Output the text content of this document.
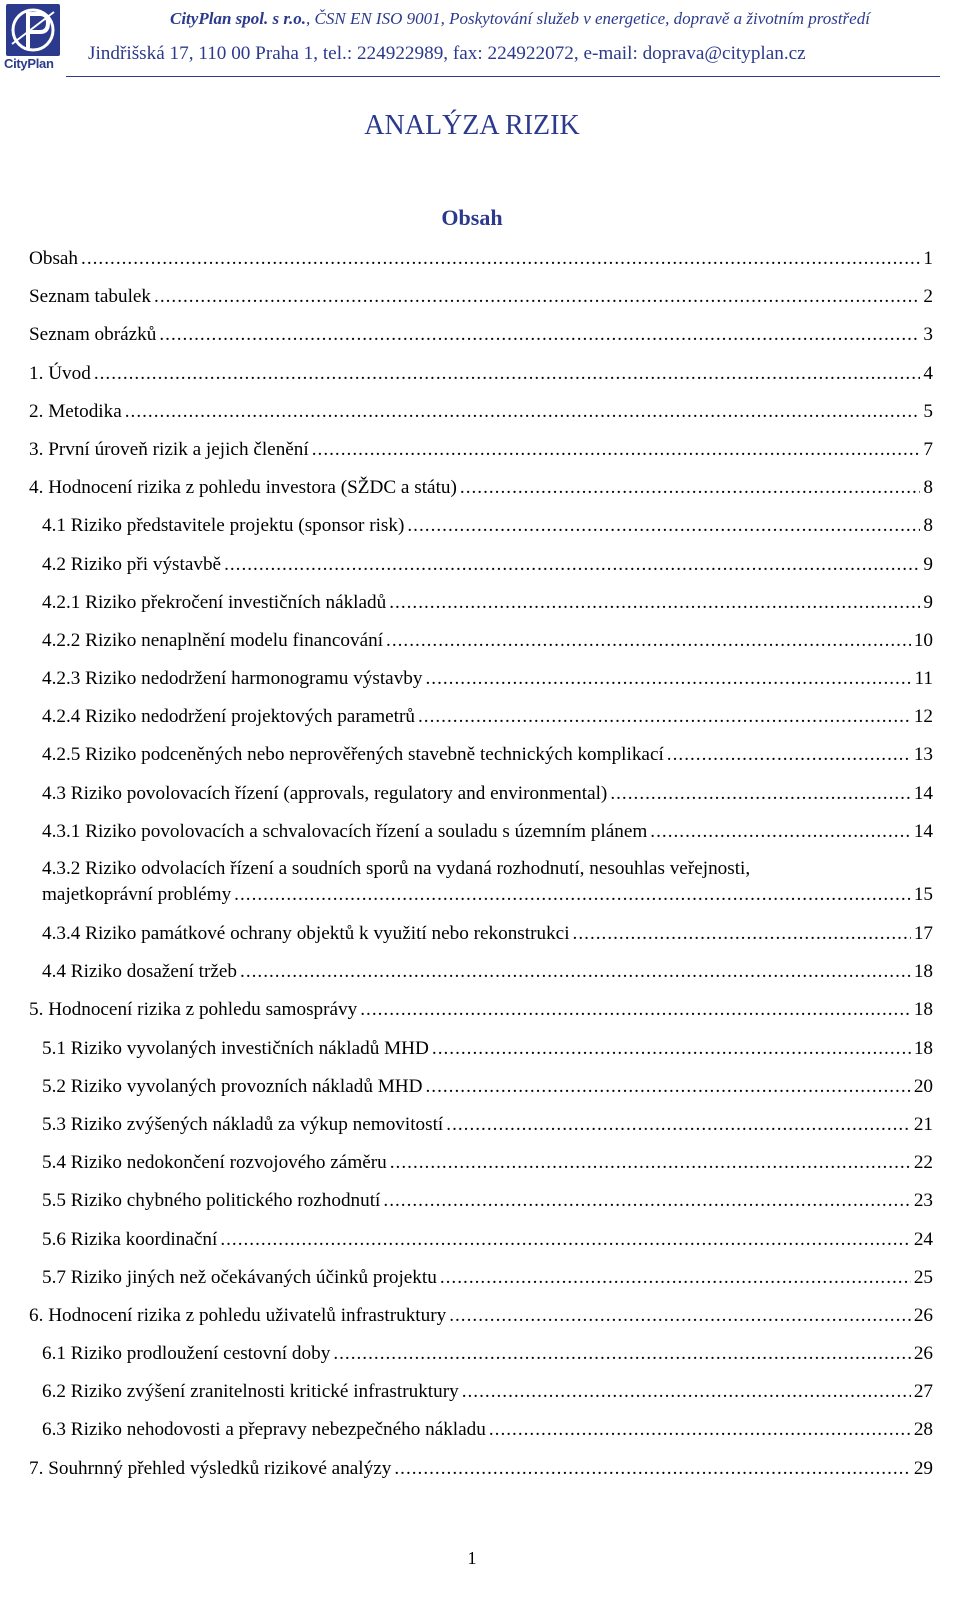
CityPlan
CityPlan spol. s r.o., ČSN EN ISO 9001, Poskytování služeb v energetice, dopravě a životním prostředí
Jindřišská 17, 110 00 Praha 1, tel.: 224922989, fax: 224922072, e-mail: doprava@cityplan.cz
ANALÝZA RIZIK
Obsah
Obsah .....	1
Seznam tabulek .....	2
Seznam obrázků .....	3
1. Úvod .....	4
2. Metodika .....	5
3. První úroveň rizik a jejich členění .....	7
4. Hodnocení rizika z pohledu investora (SŽDC a státu) .....	8
4.1 Riziko představitele projektu (sponsor risk) .....	8
4.2 Riziko při výstavbě .....	9
4.2.1 Riziko překročení investičních nákladů .....	9
4.2.2 Riziko nenaplnění modelu financování .....	10
4.2.3 Riziko nedodržení harmonogramu výstavby .....	11
4.2.4 Riziko nedodržení projektových parametrů .....	12
4.2.5 Riziko podceněných nebo neprověřených stavebně technických komplikací .....	13
4.3 Riziko povolovacích řízení (approvals, regulatory and environmental) .....	14
4.3.1 Riziko povolovacích a schvalovacích řízení a souladu s územním plánem .....	14
4.3.2 Riziko odvolacích řízení a soudních sporů na vydaná rozhodnutí, nesouhlas veřejnosti,
majetkoprávní problémy .....	15
4.3.4 Riziko památkové ochrany objektů k využití nebo rekonstrukci .....	17
4.4 Riziko dosažení tržeb .....	18
5. Hodnocení rizika z pohledu samosprávy .....	18
5.1 Riziko vyvolaných investičních nákladů MHD .....	18
5.2 Riziko vyvolaných provozních nákladů MHD .....	20
5.3 Riziko zvýšených nákladů za výkup nemovitostí .....	21
5.4 Riziko nedokončení rozvojového záměru .....	22
5.5 Riziko chybného politického rozhodnutí .....	23
5.6 Rizika koordinační .....	24
5.7 Riziko jiných než očekávaných účinků projektu .....	25
6. Hodnocení rizika z pohledu uživatelů infrastruktury .....	26
6.1 Riziko prodloužení cestovní doby .....	26
6.2 Riziko zvýšení zranitelnosti kritické infrastruktury .....	27
6.3 Riziko nehodovosti a přepravy nebezpečného nákladu .....	28
7. Souhrnný přehled výsledků rizikové analýzy .....	29
1
